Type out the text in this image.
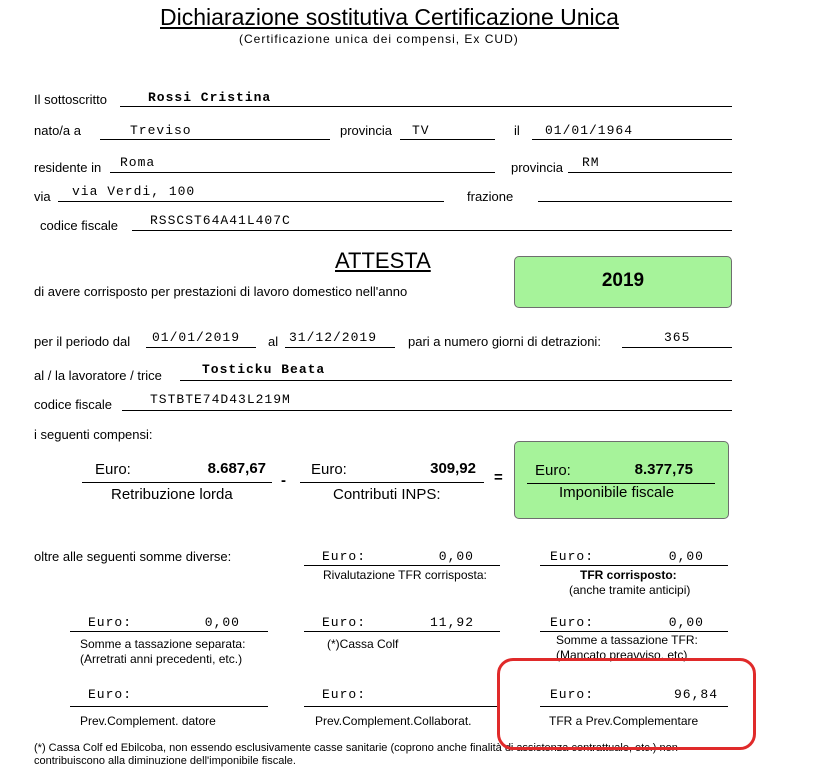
Dichiarazione sostitutiva Certificazione Unica
(Certificazione unica dei compensi, Ex CUD)
Il sottoscritto	Rossi Cristina
nato/a a	Treviso	provincia TV	il 01/01/1964
residente in Roma	provincia RM
via via Verdi, 100	frazione
codice fiscale RSSCST64A41L407C
ATTESTA
di avere corrisposto per prestazioni di lavoro domestico nell'anno
2019
per il periodo dal 01/01/2019 al 31/12/2019 pari a numero giorni di detrazioni:	365
al / la lavoratore / trice	Tosticku Beata
codice fiscale	TSTBTE74D43L219M
i seguenti compensi:
Euro:	8.687,67
Retribuzione lorda
-
Euro:	309,92
Contributi INPS:
= Euro:	8.377,75
Imponibile fiscale
oltre alle seguenti somme diverse:	Euro:	0,00
Rivalutazione TFR corrisposta:
Euro:	0,00
TFR corrisposto:
(anche tramite anticipi)
Euro:	0,00
Somme a tassazione separata:
(Arretrati anni precedenti, etc.)
Euro:	11,92
(*)Cassa Colf
Euro:	0,00
Somme a tassazione TFR:
(Mancato preavviso, etc)
Euro:
Prev.Complement. datore
Euro:
Prev.Complement.Collaborat.
Euro:	96,84
TFR a Prev.Complementare
(*) Cassa Colf ed Ebilcoba, non essendo esclusivamente casse sanitarie (coprono anche finalità di assistenza contrattuale, etc.) non
contribuiscono alla diminuzione dell'imponibile fiscale.
